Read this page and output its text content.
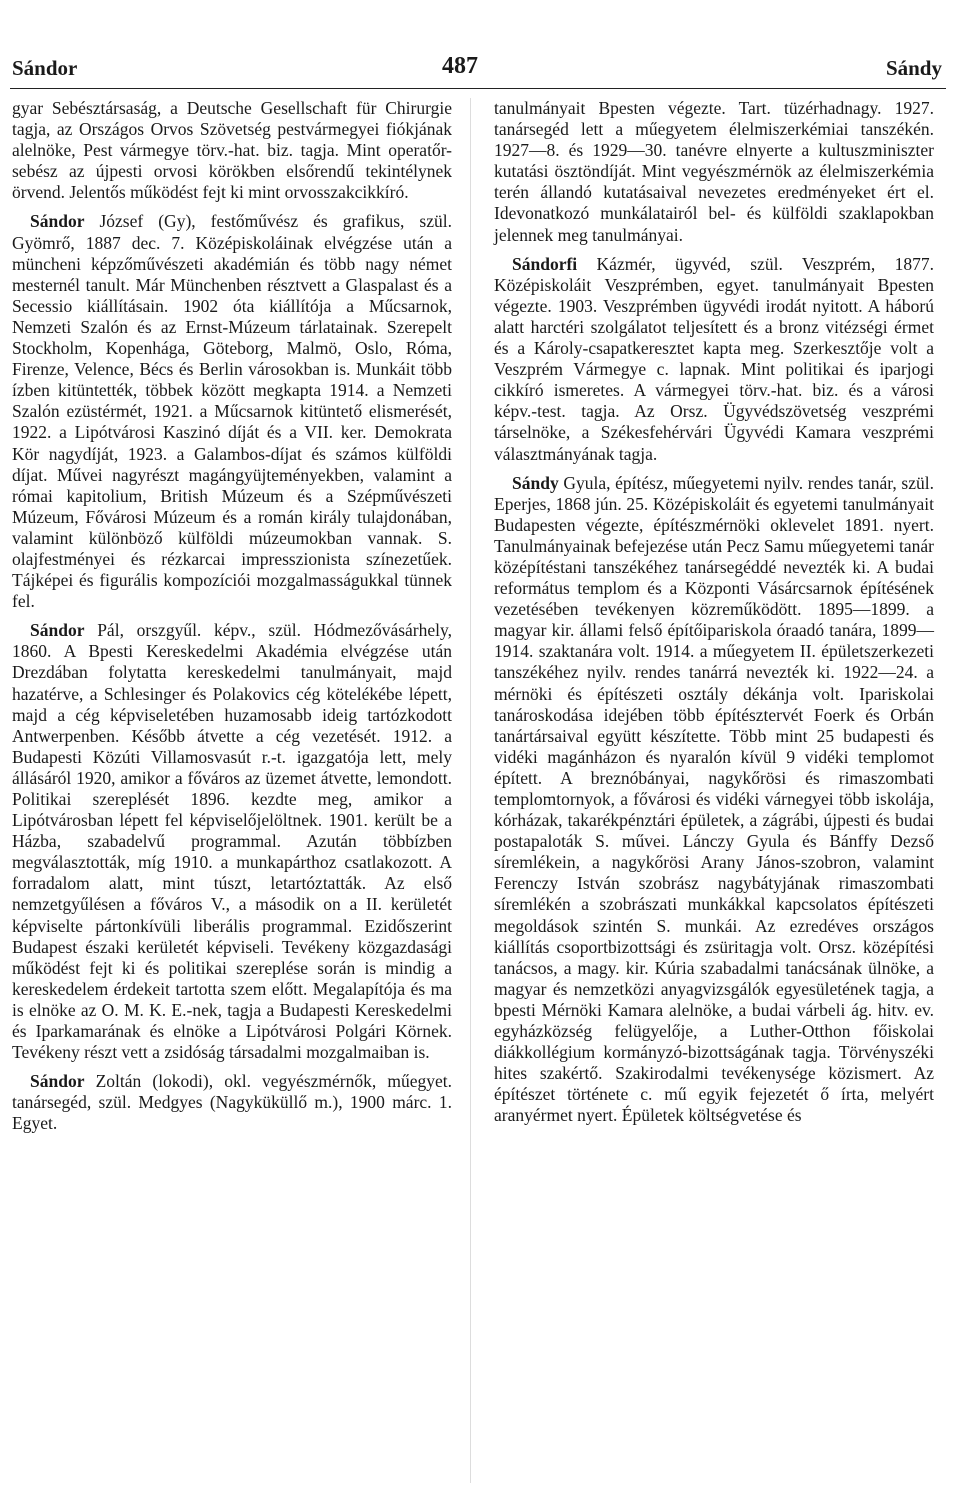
Sándor	487	Sándy

gyar Sebésztársaság, a Deutsche Gesellschaft für Chirurgie tagja, az Országos Orvos Szövetség pestvármegyei fiókjának alelnöke, Pest vármegye törv.-hat. biz. tagja. Mint operatőr-sebész az újpesti orvosi körökben elsőrendű tekintélynek örvend. Jelentős működést fejt ki mint orvosszakcikkíró.

Sándor József (Gy), festőművész és grafikus, szül. Gyömrő, 1887 dec. 7. Középiskoláinak elvégzése után a müncheni képzőművészeti akadémián és több nagy német mesternél tanult. Már Münchenben résztvett a Glaspalast és a Secessio kiállításain. 1902 óta kiállítója a Műcsarnok, Nemzeti Szalón és az Ernst-Múzeum tárlatainak. Szerepelt Stockholm, Kopenhága, Göteborg, Malmö, Oslo, Róma, Firenze, Velence, Bécs és Berlin városokban is. Munkáit több ízben kitüntették, többek között megkapta 1914. a Nemzeti Szalón ezüstérmét, 1921. a Műcsarnok kitüntető elismerését, 1922. a Lipótvárosi Kaszinó díját és a VII. ker. Demokrata Kör nagydíját, 1923. a Galambos-díjat és számos külföldi díjat. Művei nagyrészt magángyüjteményekben, valamint a római kapitolium, British Múzeum és a Szépművészeti Múzeum, Fővárosi Múzeum és a román király tulajdonában, valamint különböző külföldi múzeumokban vannak. S. olajfestményei és rézkarcai impresszionista színezetűek. Tájképei és figurális kompozíciói mozgalmasságukkal tünnek fel.

Sándor Pál, orszgyűl. képv., szül. Hódmezővásárhely, 1860. A Bpesti Kereskedelmi Akadémia elvégzése után Drezdában folytatta kereskedelmi tanulmányait, majd hazatérve, a Schlesinger és Polakovics cég kötelékébe lépett, majd a cég képviseletében huzamosabb ideig tartózkodott Antwerpenben. Később átvette a cég vezetését. 1912. a Budapesti Közúti Villamosvasút r.-t. igazgatója lett, mely állásáról 1920, amikor a főváros az üzemet átvette, lemondott. Politikai szereplését 1896. kezdte meg, amikor a Lipótvárosban lépett fel képviselőjelöltnek. 1901. került be a Házba, szabadelvű programmal. Azután többízben megválasztották, míg 1910. a munkapárthoz csatlakozott. A forradalom alatt, mint túszt, letartóztatták. Az első nemzetgyűlésen a főváros V., a második on a II. kerületét képviselte pártonkívüli liberális programmal. Ezidőszerint Budapest északi kerületét képviseli. Tevékeny közgazdasági működést fejt ki és politikai szereplése során is mindig a kereskedelem érdekeit tartotta szem előtt. Megalapítója és ma is elnöke az O. M. K. E.-nek, tagja a Budapesti Kereskedelmi és Iparkamarának és elnöke a Lipótvárosi Polgári Körnek. Tevékeny részt vett a zsidóság társadalmi mozgalmaiban is.

Sándor Zoltán (lokodi), okl. vegyészmérnők, műegyet. tanársegéd, szül. Medgyes (Nagyküküllő m.), 1900 márc. 1. Egyet.

tanulmányait Bpesten végezte. Tart. tüzérhadnagy. 1927. tanársegéd lett a műegyetem élelmiszerkémiai tanszékén. 1927—8. és 1929—30. tanévre elnyerte a kultuszminiszter kutatási ösztöndíját. Mint vegyészmérnök az élelmiszerkémia terén állandó kutatásaival nevezetes eredményeket ért el. Idevonatkozó munkálatairól bel- és külföldi szaklapokban jelennek meg tanulmányai.

Sándorfi Kázmér, ügyvéd, szül. Veszprém, 1877. Középiskoláit Veszprémben, egyet. tanulmányait Bpesten végezte. 1903. Veszprémben ügyvédi irodát nyitott. A háború alatt harctéri szolgálatot teljesített és a bronz vitézségi érmet és a Károly-csapatkeresztet kapta meg. Szerkesztője volt a Veszprém Vármegye c. lapnak. Mint politikai és iparjogi cikkíró ismeretes. A vármegyei törv.-hat. biz. és a városi képv.-test. tagja. Az Orsz. Ügyvédszövetség veszprémi társelnöke, a Székesfehérvári Ügyvédi Kamara veszprémi választmányának tagja.

Sándy Gyula, építész, műegyetemi nyilv. rendes tanár, szül. Eperjes, 1868 jún. 25. Középiskoláit és egyetemi tanulmányait Budapesten végezte, építészmérnöki oklevelet 1891. nyert. Tanulmányainak befejezése után Pecz Samu műegyetemi tanár középítéstani tanszékéhez tanársegéddé nevezték ki. A budai református templom és a Központi Vásárcsarnok építésének vezetésében tevékenyen közreműködött. 1895—1899. a magyar kir. állami felső építőipariskola óraadó tanára, 1899—1914. szaktanára volt. 1914. a műegyetem II. épületszerkezeti tanszékéhez nyilv. rendes tanárrá nevezték ki. 1922—24. a mérnöki és építészeti osztály dékánja volt. Ipariskolai tanároskodása idejében több építésztervét Foerk és Orbán tanártársaival együtt készítette. Több mint 25 budapesti és vidéki magánházon és nyaralón kívül 9 vidéki templomot épített. A breznóbányai, nagykőrösi és rimaszombati templomtornyok, a fővárosi és vidéki várnegyei több iskolája, kórházak, takarékpénztári épületek, a zágrábi, újpesti és budai postapaloták S. művei. Lánczy Gyula és Bánffy Dezső síremlékein, a nagykőrösi Arany János-szobron, valamint Ferenczy István szobrász nagybátyjának rimaszombati síremlékén a szobrászati munkákkal kapcsolatos építészeti megoldások szintén S. munkái. Az ezredéves országos kiállítás csoportbizottsági és zsüritagja volt. Orsz. középítési tanácsos, a magy. kir. Kúria szabadalmi tanácsának ülnöke, a magyar és nemzetközi anyagvizsgálók egyesületének tagja, a bpesti Mérnöki Kamara alelnöke, a budai várbeli ág. hitv. ev. egyházközség felügyelője, a Luther-Otthon főiskolai diákkollégium kormányzó-bizottságának tagja. Törvényszéki hites szakértő. Szakirodalmi tevékenysége közismert. Az építészet története c. mű egyik fejezetét ő írta, melyért aranyérmet nyert. Épületek költségvetése és
